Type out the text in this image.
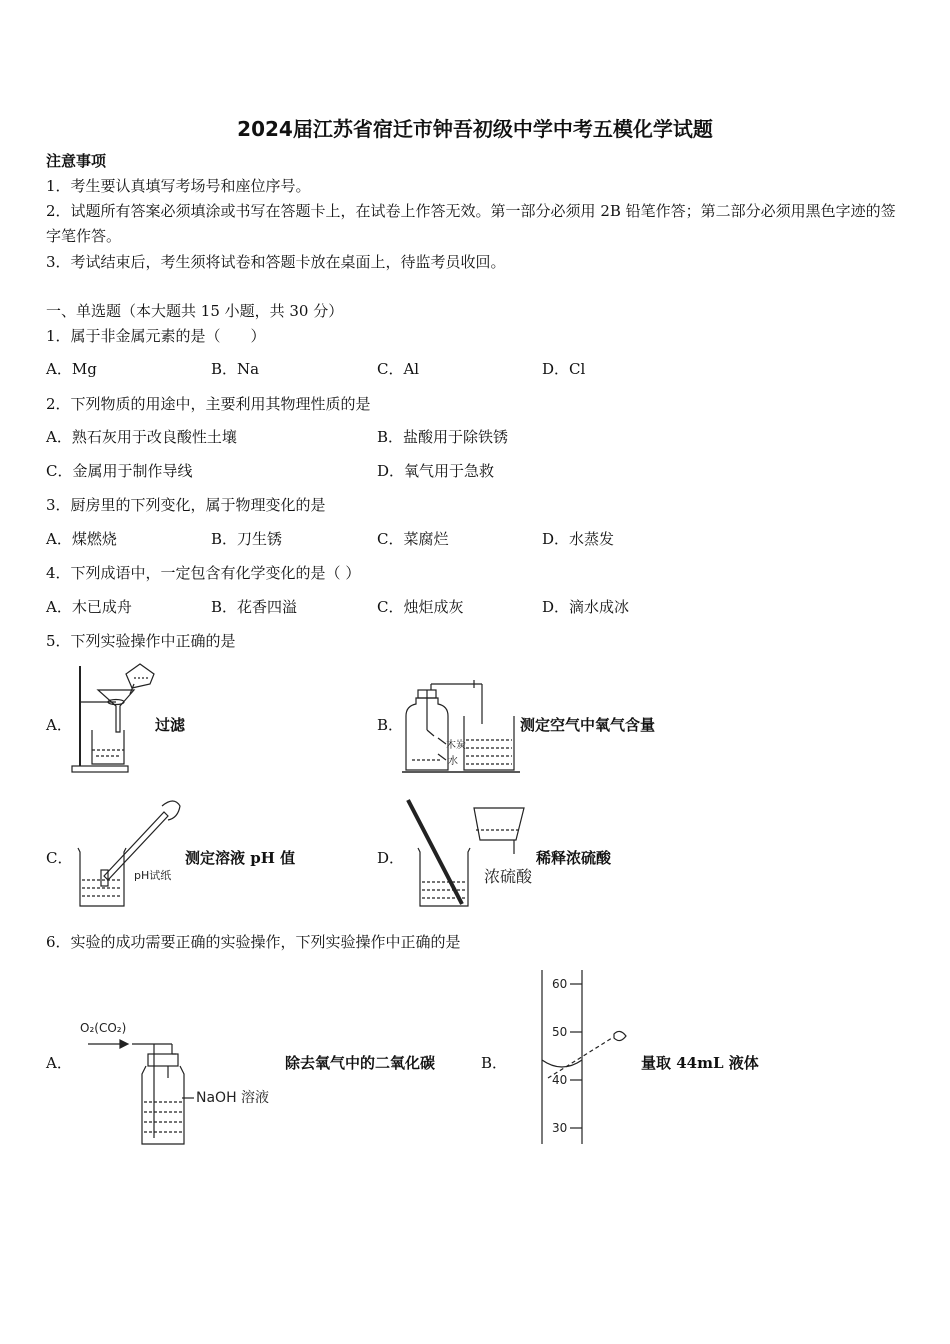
2024届江苏省宿迁市钟吾初级中学中考五模化学试题
注意事项
1．考生要认真填写考场号和座位序号。
2．试题所有答案必须填涂或书写在答题卡上，在试卷上作答无效。第一部分必须用 2B 铅笔作答；第二部分必须用黑色字迹的签字笔作答。
3．考试结束后，考生须将试卷和答题卡放在桌面上，待监考员收回。
一、单选题（本大题共 15 小题，共 30 分）
1．属于非金属元素的是（　　）
A．Mg	B．Na	C．Al	D．Cl
2．下列物质的用途中，主要利用其物理性质的是
A．熟石灰用于改良酸性土壤	B．盐酸用于除铁锈
C．金属用于制作导线	D．氧气用于急救
3．厨房里的下列变化，属于物理变化的是
A．煤燃烧	B．刀生锈	C．菜腐烂	D．水蒸发
4．下列成语中，一定包含有化学变化的是（ ）
A．木已成舟	B．花香四溢	C．烛炬成灰	D．滴水成冰
5．下列实验操作中正确的是
A．	过滤	B．
木炭
水
测定空气中氧气含量
C．
pH试纸
测定溶液 pH 值	D．
浓硫酸
稀释浓硫酸
6．实验的成功需要正确的实验操作，下列实验操作中正确的是
A．
O₂(CO₂)
NaOH 溶液
除去氧气中的二氧化碳	B．
60
50
40
30
量取 44mL 液体
